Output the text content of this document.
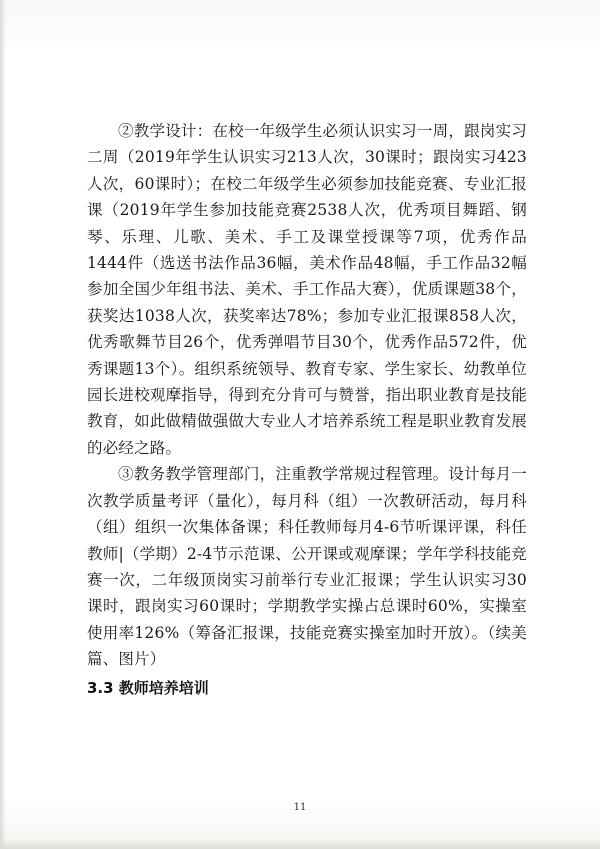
②教学设计：在校一年级学生必须认识实习一周，跟岗实习二周（2019年学生认识实习213人次，30课时；跟岗实习423人次，60课时）；在校二年级学生必须参加技能竞赛、专业汇报课（2019年学生参加技能竞赛2538人次，优秀项目舞蹈、钢琴、乐理、儿歌、美术、手工及课堂授课等7项，优秀作品1444件（选送书法作品36幅，美术作品48幅，手工作品32幅参加全国少年组书法、美术、手工作品大赛），优质课题38个，获奖达1038人次，获奖率达78%；参加专业汇报课858人次，优秀歌舞节目26个，优秀弹唱节目30个，优秀作品572件，优秀课题13个）。组织系统领导、教育专家、学生家长、幼教单位园长进校观摩指导，得到充分肯可与赞誉，指出职业教育是技能教育，如此做精做强做大专业人才培养系统工程是职业教育发展的必经之路。

③教务教学管理部门，注重教学常规过程管理。设计每月一次教学质量考评（量化），每月科（组）一次教研活动，每月科（组）组织一次集体备课；科任教师每月4-6节听课评课，科任教师|（学期）2-4节示范课、公开课或观摩课；学年学科技能竞赛一次，二年级顶岗实习前举行专业汇报课；学生认识实习30课时，跟岗实习60课时；学期教学实操占总课时60%，实操室使用率126%（筹备汇报课，技能竞赛实操室加时开放）。（续美篇、图片）

3.3 教师培养培训
11
